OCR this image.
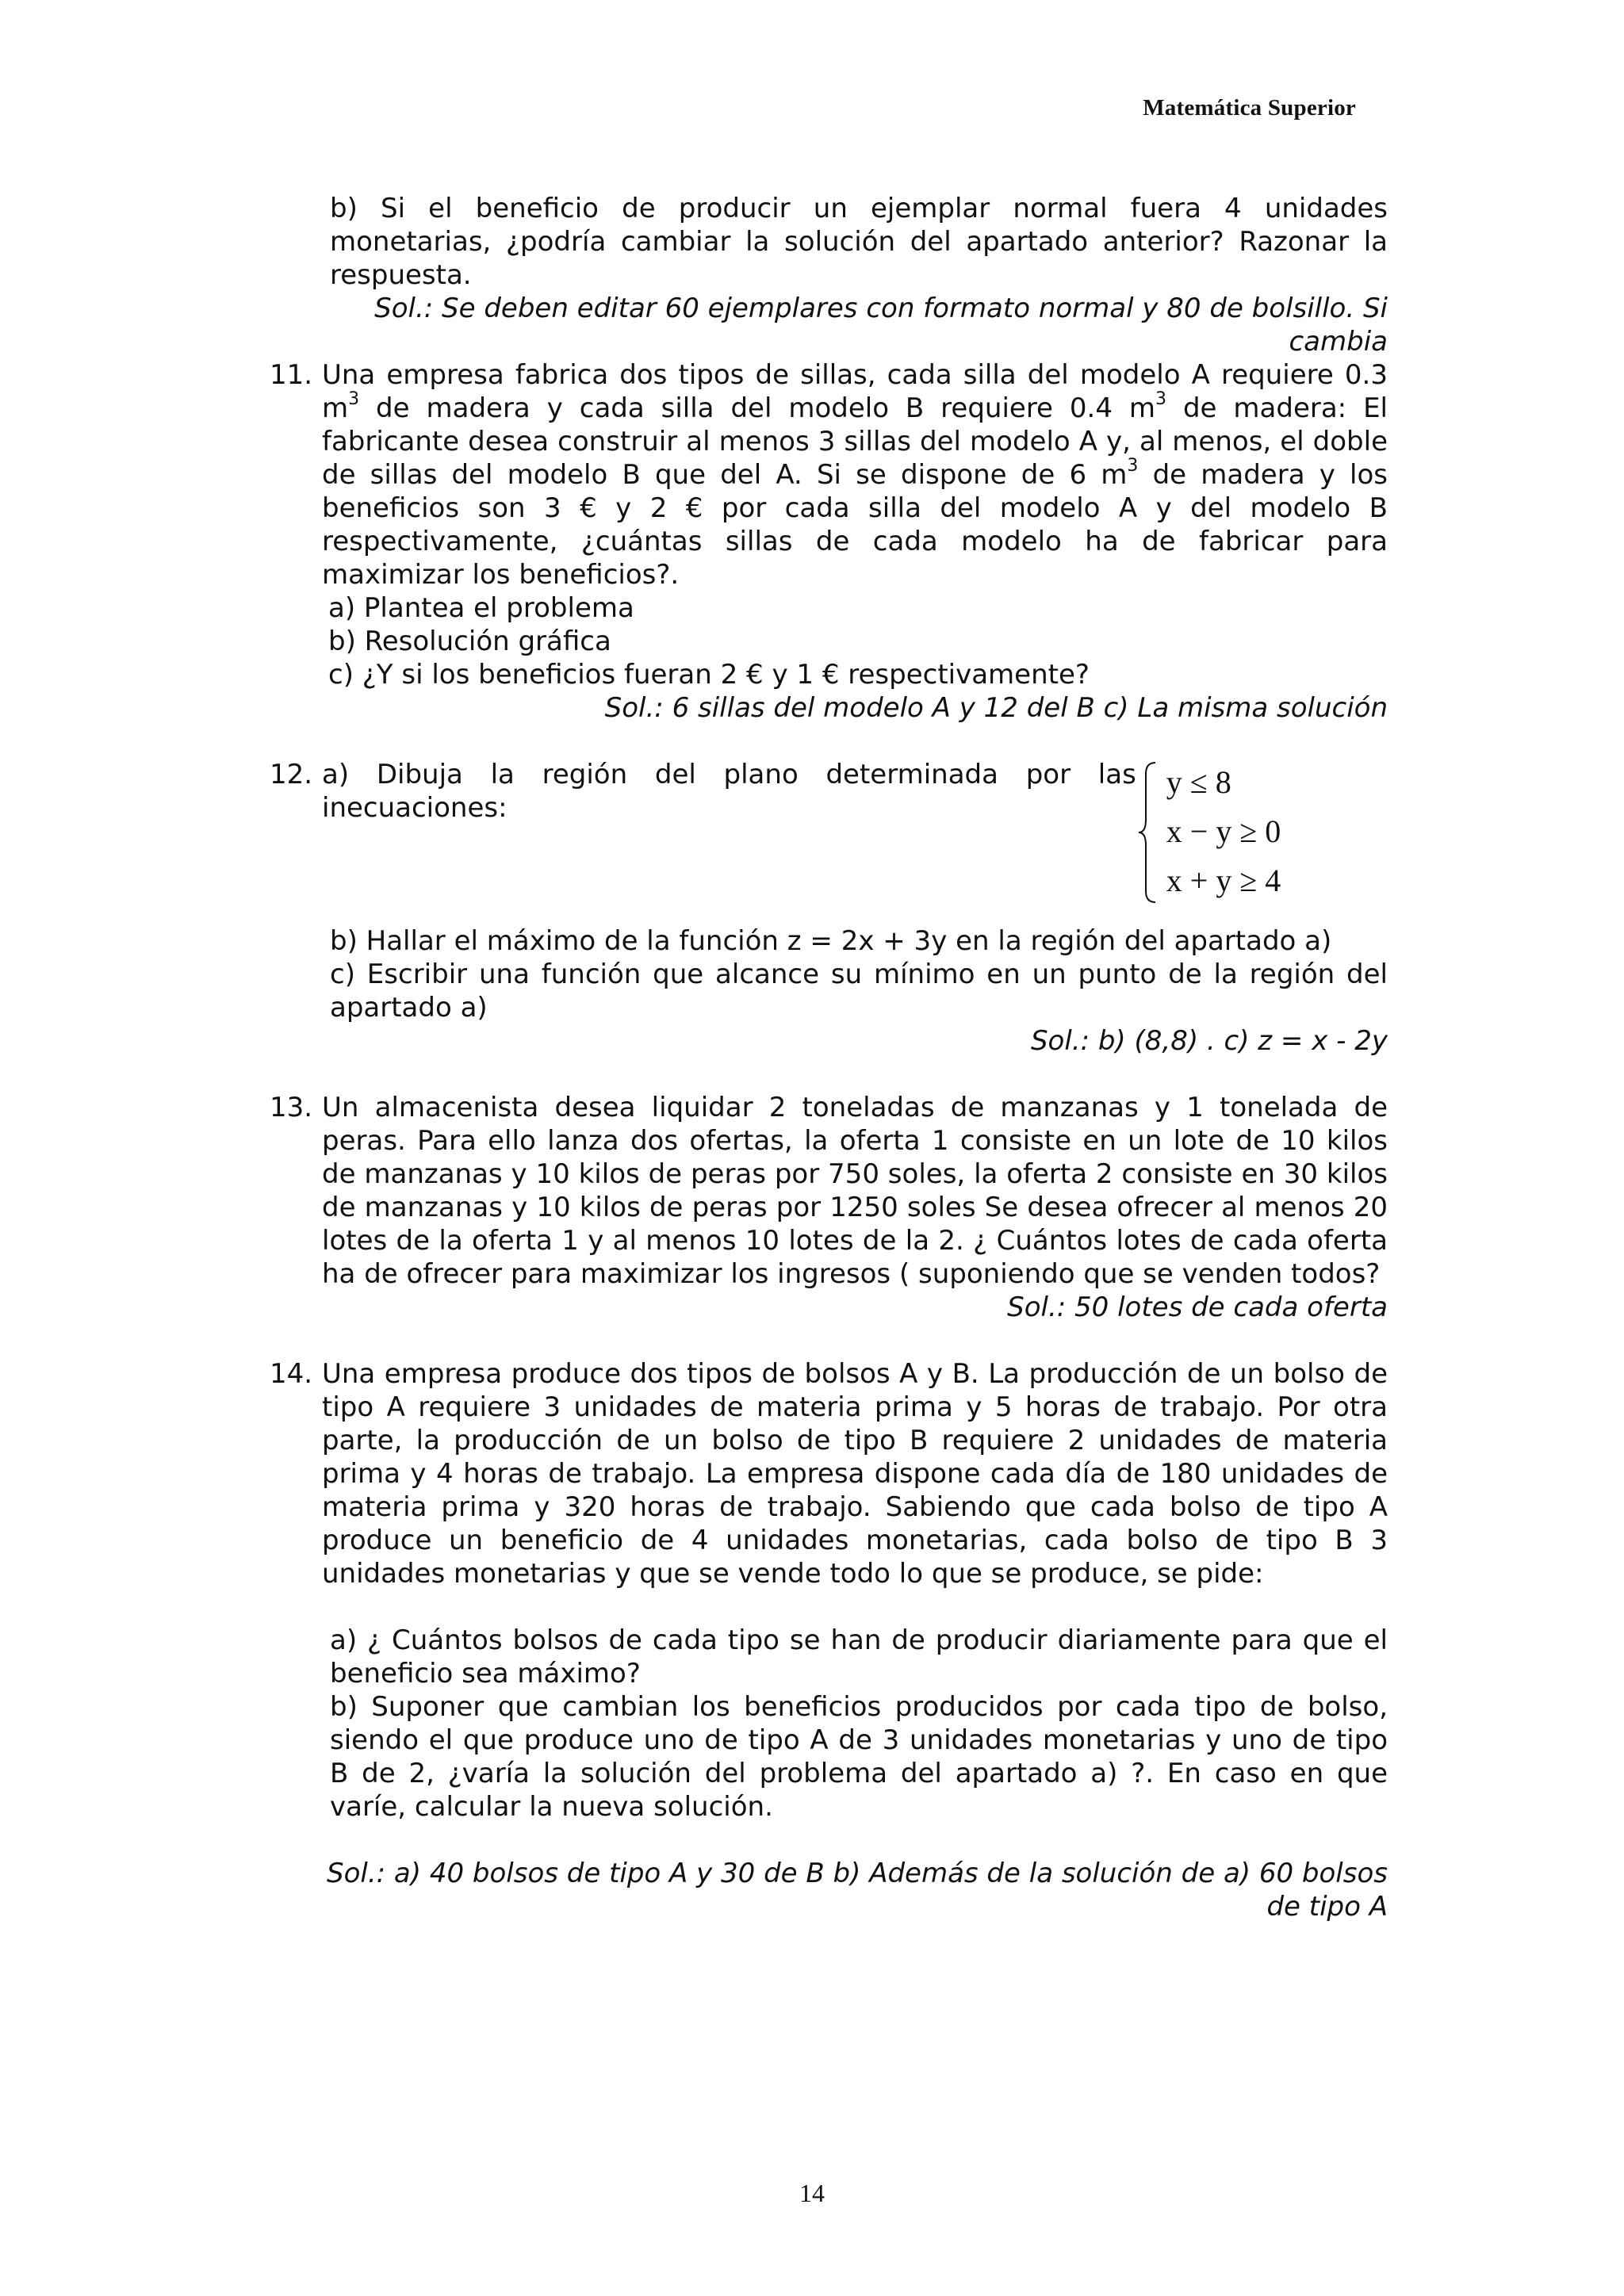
Matemática Superior
b) Si el beneficio de producir un ejemplar normal fuera 4 unidades monetarias, ¿podría cambiar la solución del apartado anterior? Razonar la respuesta.
Sol.: Se deben editar 60 ejemplares con formato normal y 80 de bolsillo. Si cambia
11. Una empresa fabrica dos tipos de sillas, cada silla del modelo A requiere 0.3 $m^3$ de madera y cada silla del modelo B requiere 0.4 $m^3$ de madera: El fabricante desea construir al menos 3 sillas del modelo A y, al menos, el doble de sillas del modelo B que del A. Si se dispone de 6 $m^3$ de madera y los beneficios son 3 € y 2 € por cada silla del modelo A y del modelo B respectivamente, ¿cuántas sillas de cada modelo ha de fabricar para maximizar los beneficios?.
a) Plantea el problema
b) Resolución gráfica
c) ¿Y si los beneficios fueran 2 € y 1 € respectivamente?
Sol.: 6 sillas del modelo A y 12 del B c) La misma solución
12. a) Dibuja la región del plano determinada por las inecuaciones:
y ≤ 8
x − y ≥ 0
x + y ≥ 4
b) Hallar el máximo de la función z = 2x + 3y en la región del apartado a)
c) Escribir una función que alcance su mínimo en un punto de la región del apartado a)
Sol.: b) (8,8) . c) z = x - 2y
13. Un almacenista desea liquidar 2 toneladas de manzanas y 1 tonelada de peras. Para ello lanza dos ofertas, la oferta 1 consiste en un lote de 10 kilos de manzanas y 10 kilos de peras por 750 soles, la oferta 2 consiste en 30 kilos de manzanas y 10 kilos de peras por 1250 soles Se desea ofrecer al menos 20 lotes de la oferta 1 y al menos 10 lotes de la 2. ¿ Cuántos lotes de cada oferta ha de ofrecer para maximizar los ingresos ( suponiendo que se venden todos?
Sol.: 50 lotes de cada oferta
14. Una empresa produce dos tipos de bolsos A y B. La producción de un bolso de tipo A requiere 3 unidades de materia prima y 5 horas de trabajo. Por otra parte, la producción de un bolso de tipo B requiere 2 unidades de materia prima y 4 horas de trabajo. La empresa dispone cada día de 180 unidades de materia prima y 320 horas de trabajo. Sabiendo que cada bolso de tipo A produce un beneficio de 4 unidades monetarias, cada bolso de tipo B 3 unidades monetarias y que se vende todo lo que se produce, se pide:
a) ¿ Cuántos bolsos de cada tipo se han de producir diariamente para que el beneficio sea máximo?
b) Suponer que cambian los beneficios producidos por cada tipo de bolso, siendo el que produce uno de tipo A de 3 unidades monetarias y uno de tipo B de 2, ¿varía la solución del problema del apartado a) ?. En caso en que varíe, calcular la nueva solución.
Sol.: a) 40 bolsos de tipo A y 30 de B b) Además de la solución de a) 60 bolsos de tipo A
14
